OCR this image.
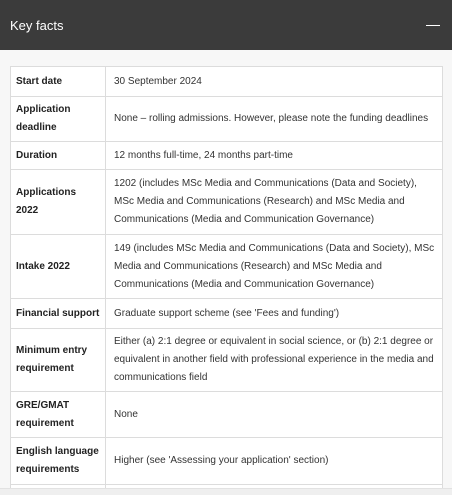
Key facts
Start date	30 September 2024
Application deadline	None – rolling admissions. However, please note the funding deadlines
Duration	12 months full-time, 24 months part-time
Applications 2022	1202 (includes MSc Media and Communications (Data and Society), MSc Media and Communications (Research) and MSc Media and Communications (Media and Communication Governance)
Intake 2022	149 (includes MSc Media and Communications (Data and Society), MSc Media and Communications (Research) and MSc Media and Communications (Media and Communication Governance)
Financial support	Graduate support scheme (see 'Fees and funding')
Minimum entry requirement	Either (a) 2:1 degree or equivalent in social science, or (b) 2:1 degree or equivalent in another field with professional experience in the media and communications field
GRE/GMAT requirement	None
English language requirements	Higher (see 'Assessing your application' section)
